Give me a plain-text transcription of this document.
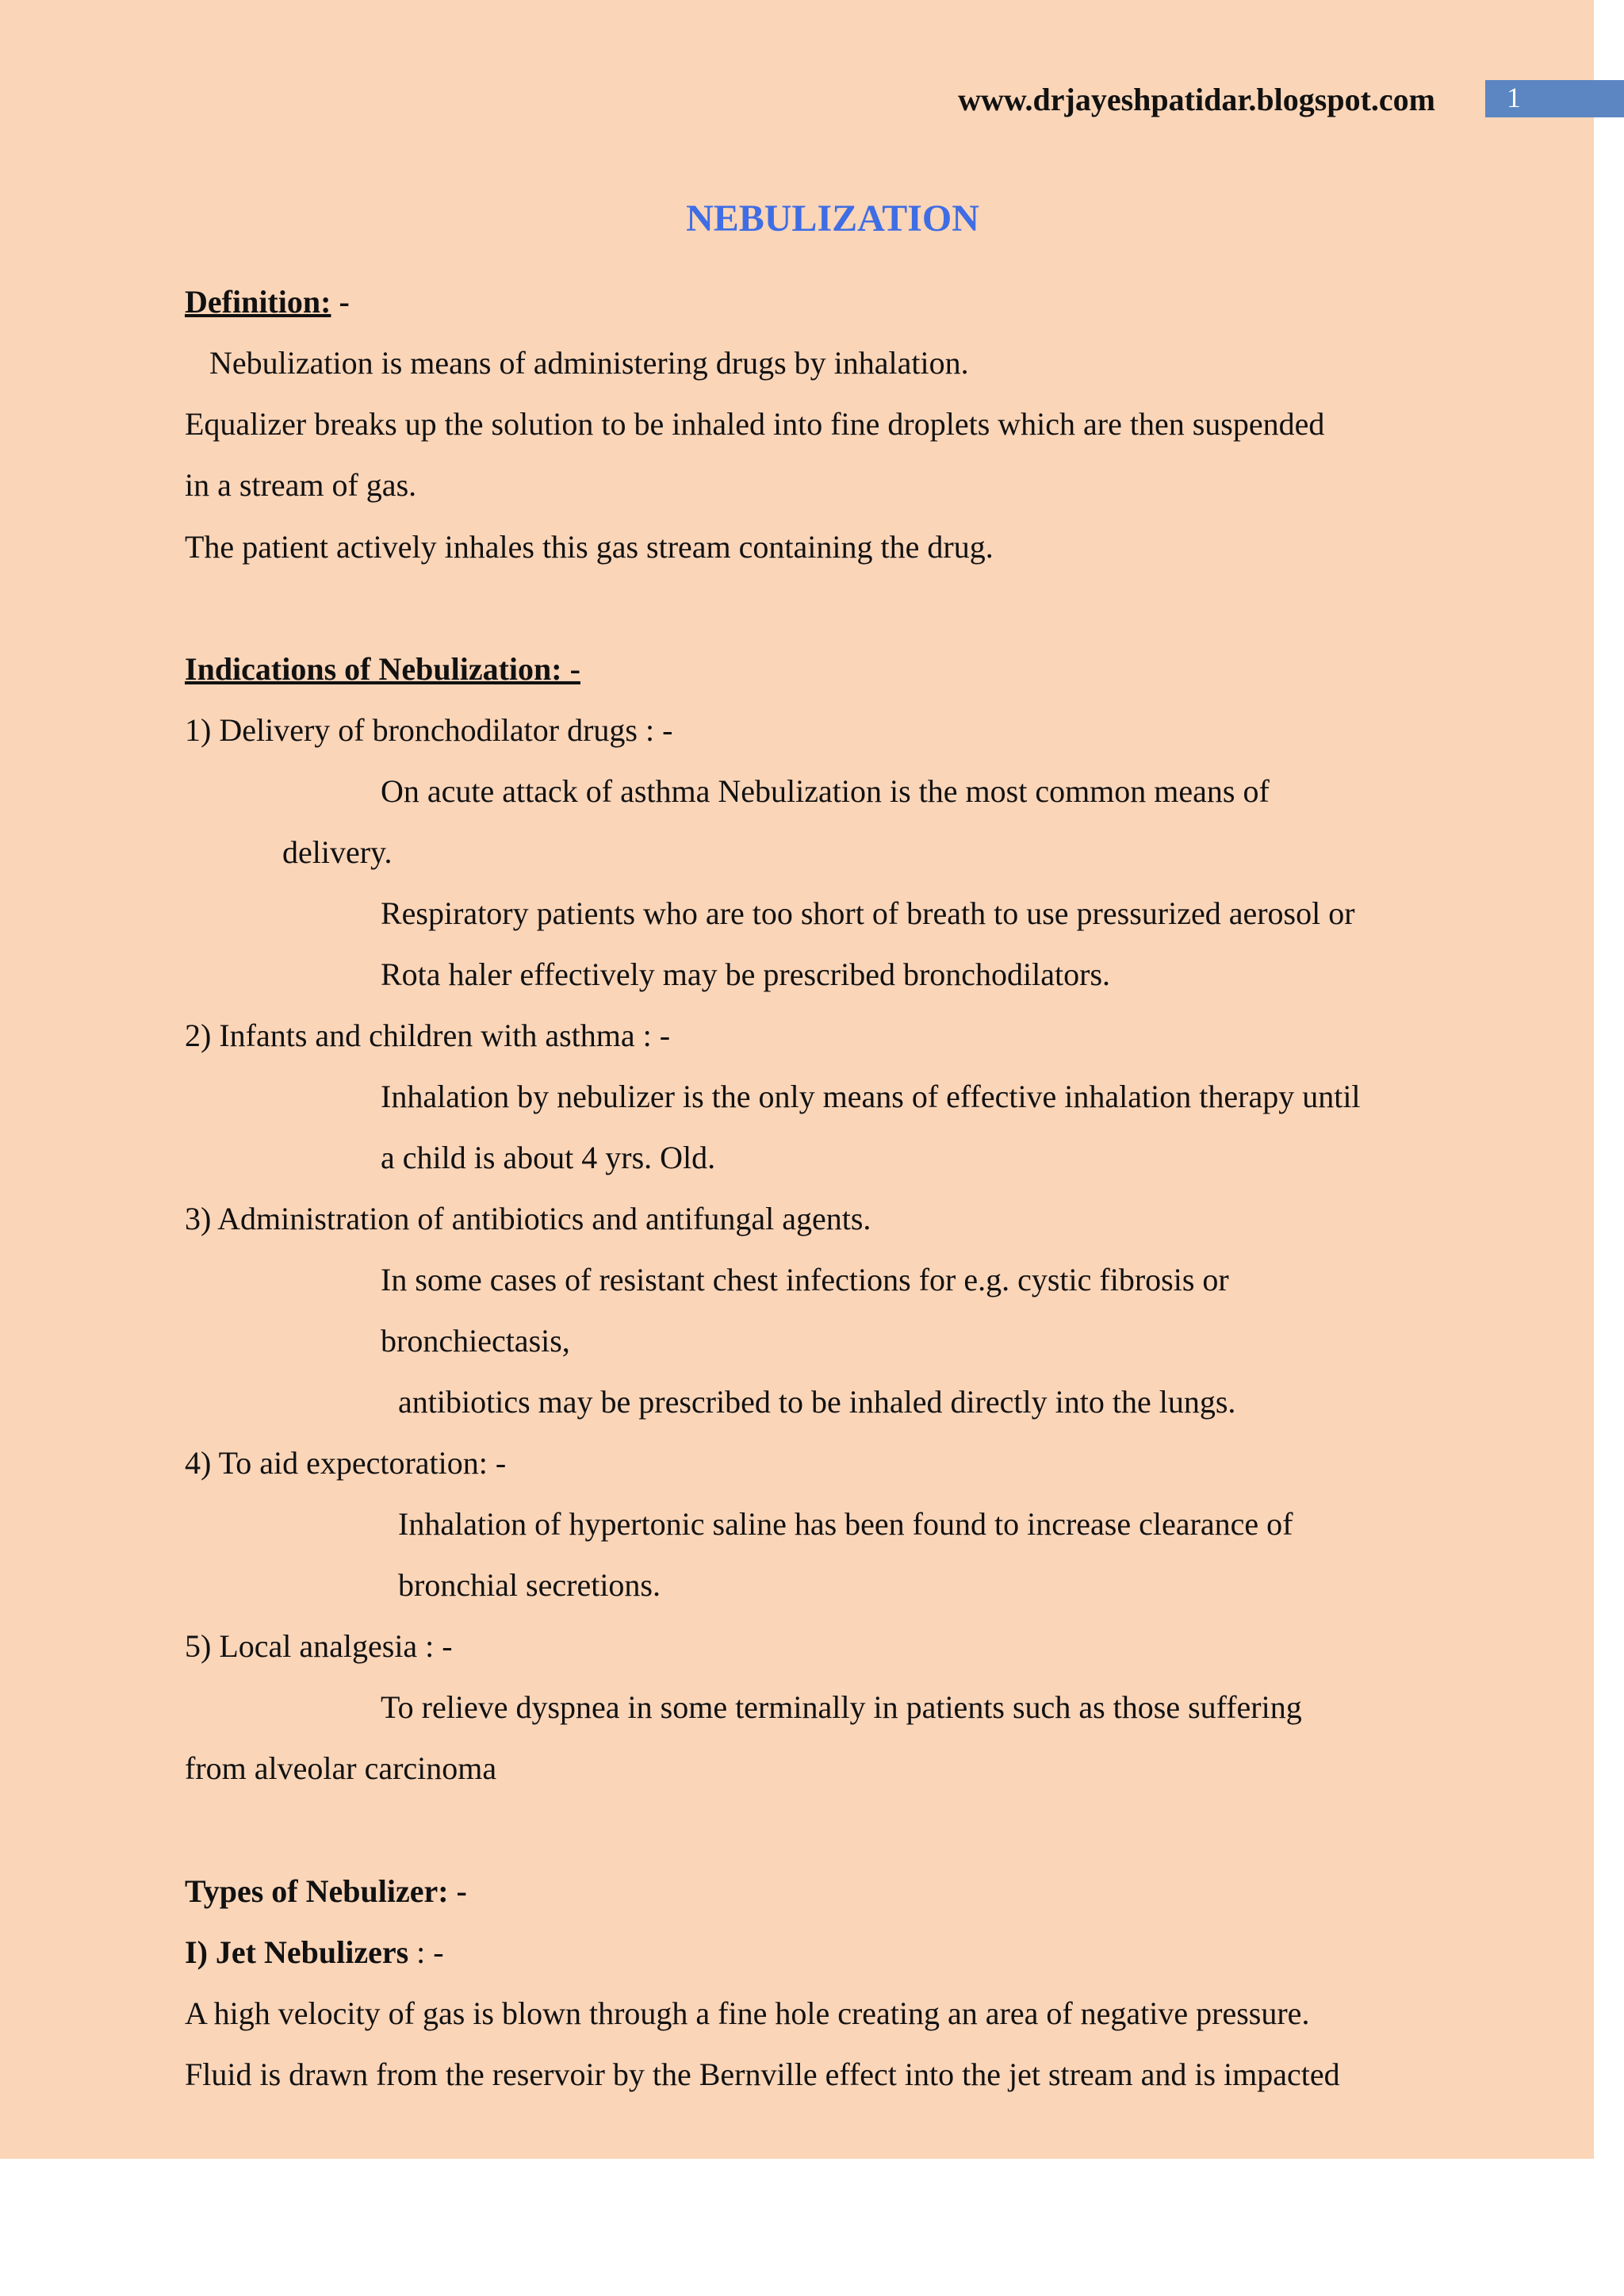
www.drjayeshpatidar.blogspot.com	1
NEBULIZATION
Definition: -
Nebulization is means of administering drugs by inhalation.
Equalizer breaks up the solution to be inhaled into fine droplets which are then suspended
in a stream of gas.
The patient actively inhales this gas stream containing the drug.
Indications of Nebulization: -
1) Delivery of bronchodilator drugs : -
On acute attack of asthma Nebulization is the most common means of
delivery.
Respiratory patients who are too short of breath to use pressurized aerosol or
Rota haler effectively may be prescribed bronchodilators.
2) Infants and children with asthma : -
Inhalation by nebulizer is the only means of effective inhalation therapy until
a child is about 4 yrs. Old.
3) Administration of antibiotics and antifungal agents.
In some cases of resistant chest infections for e.g. cystic fibrosis or
bronchiectasis,
antibiotics may be prescribed to be inhaled directly into the lungs.
4) To aid expectoration: -
Inhalation of hypertonic saline has been found to increase clearance of
bronchial secretions.
5) Local analgesia : -
To relieve dyspnea in some terminally in patients such as those suffering
from alveolar carcinoma
Types of Nebulizer: -
I) Jet Nebulizers : -
A high velocity of gas is blown through a fine hole creating an area of negative pressure.
Fluid is drawn from the reservoir by the Bernville effect into the jet stream and is impacted
